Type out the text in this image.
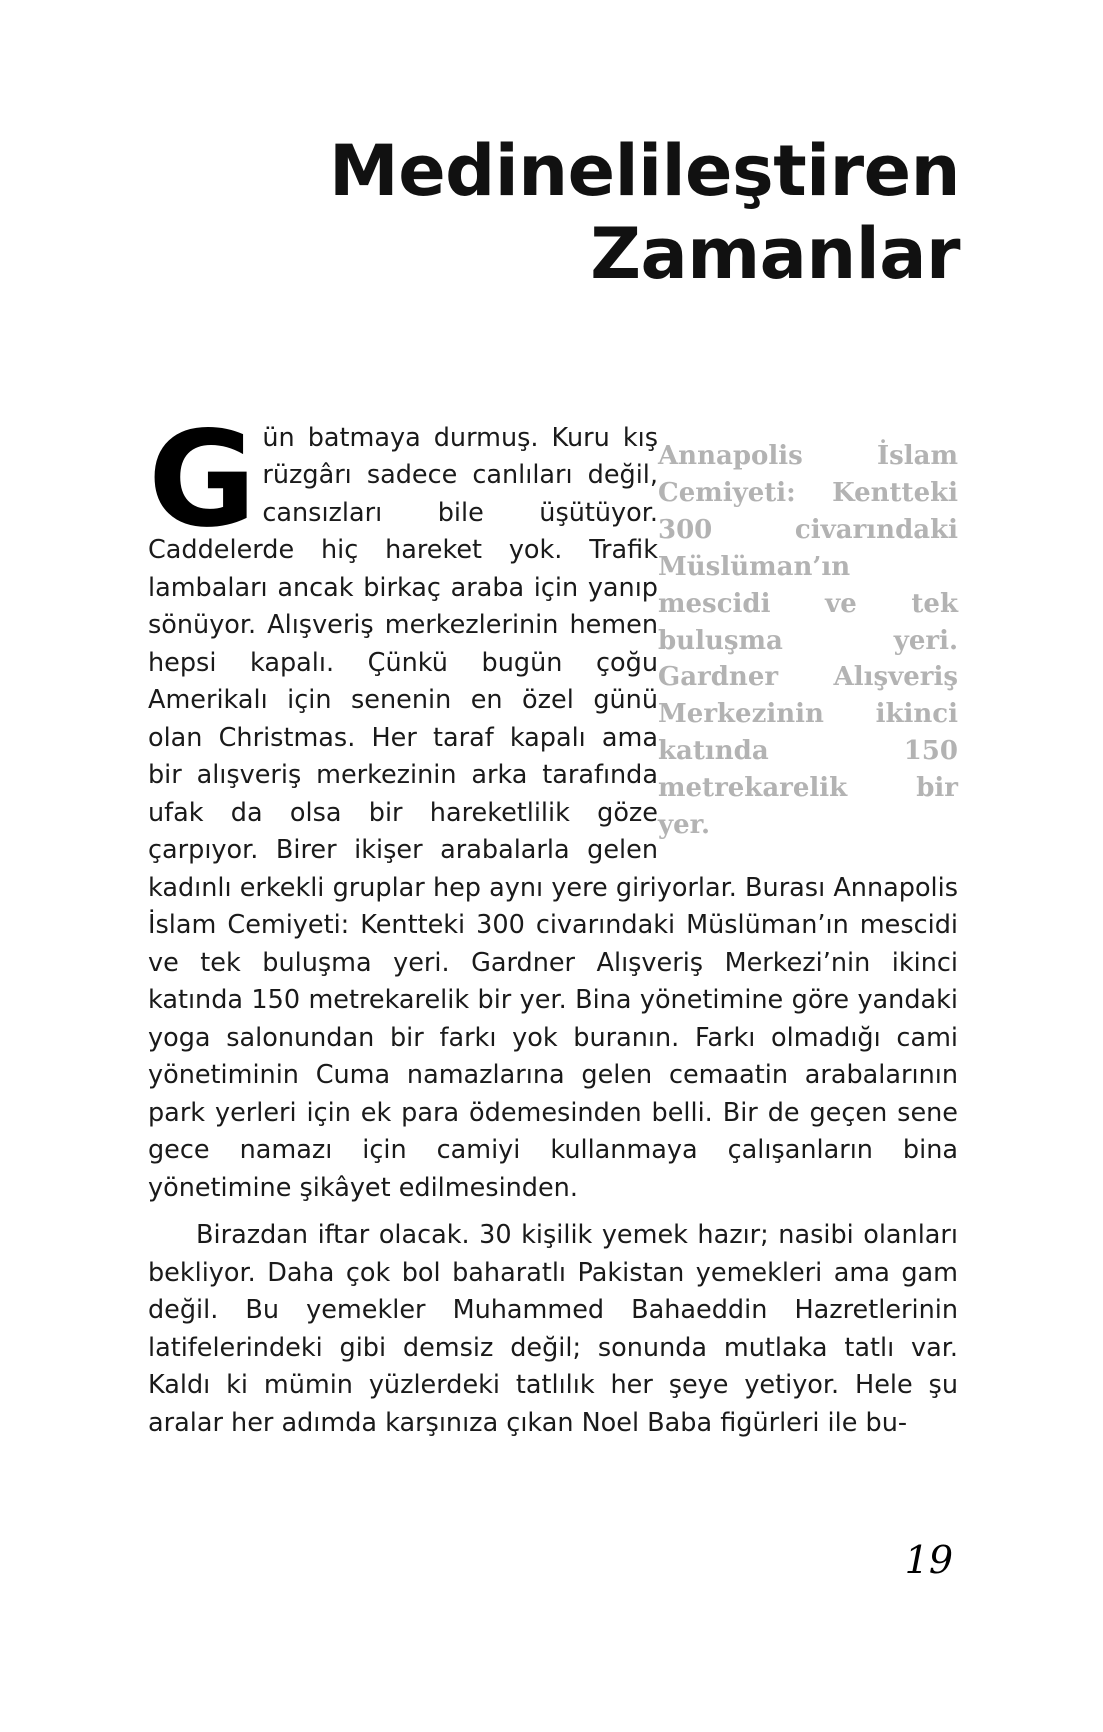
Medinelileştiren
Zamanlar

Annapolis İslam Cemiyeti: Kentteki 300 civarındaki Müslüman’ın mescidi ve tek buluşma yeri. Gardner Alışveriş Merkezinin ikinci katında 150 metrekarelik bir yer.
G ün batmaya durmuş. Kuru kış rüzgârı sadece canlıları değil, cansızları bile üşütüyor. Caddelerde hiç hareket yok. Trafik lambaları ancak birkaç araba için yanıp sönüyor. Alışveriş merkezlerinin hemen hepsi kapalı. Çünkü bugün çoğu Amerikalı için senenin en özel günü olan Christmas. Her taraf kapalı ama bir alışveriş merkezinin arka tarafında ufak da olsa bir hareketlilik göze çarpıyor. Birer ikişer arabalarla gelen kadınlı erkekli gruplar hep aynı yere giriyorlar. Burası Annapolis İslam Cemiyeti: Kentteki 300 civarındaki Müslüman’ın mescidi ve tek buluşma yeri. Gardner Alışveriş Merkezi’nin ikinci katında 150 metrekarelik bir yer. Bina yönetimine göre yandaki yoga salonundan bir farkı yok buranın. Farkı olmadığı cami yönetiminin Cuma namazlarına gelen cemaatin arabalarının park yerleri için ek para ödemesinden belli. Bir de geçen sene gece namazı için camiyi kullanmaya çalışanların bina yönetimine şikâyet edilmesinden.

Birazdan iftar olacak. 30 kişilik yemek hazır; nasibi olanları bekliyor. Daha çok bol baharatlı Pakistan yemekleri ama gam değil. Bu yemekler Muhammed Bahaeddin Hazretlerinin latifelerindeki gibi demsiz değil; sonunda mutlaka tatlı var. Kaldı ki mümin yüzlerdeki tatlılık her şeye yetiyor. Hele şu aralar her adımda karşınıza çıkan Noel Baba figürleri ile bu-

19
